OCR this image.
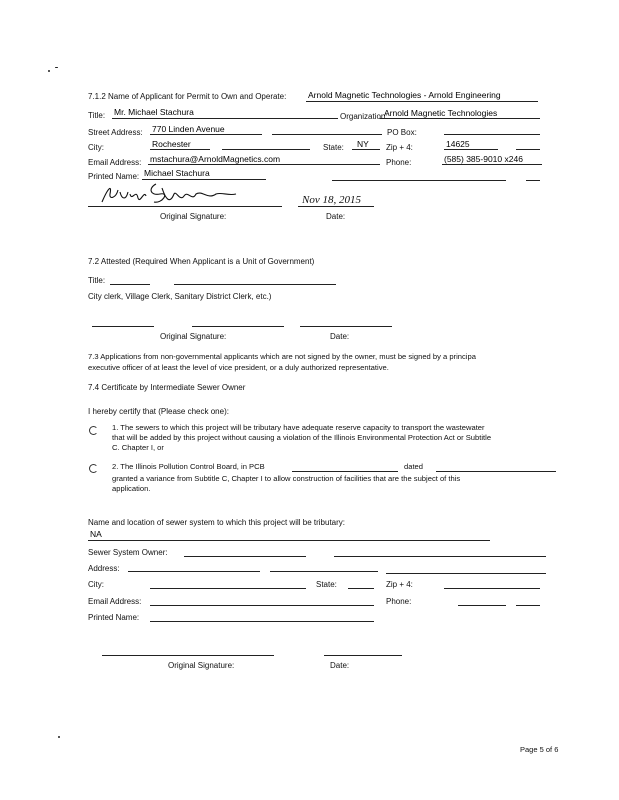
7.1.2 Name of Applicant for Permit to Own and Operate:	Arnold Magnetic Technologies - Arnold Engineering
Title: Mr. Michael Stachura	Organization:
Arnold Magnetic Technologies
Street Address: 770 Linden Avenue	PO Box:
City:	Rochester	State: NY Zip + 4:	14625
Email Address: mstachura@ArnoldMagnetics.com	Phone:	(585) 385-9010 x246
Printed Name: Michael Stachura
Nov 18, 2015
Original Signature:	Date:
7.2 Attested (Required When Applicant is a Unit of Government)
Title:
City clerk, Village Clerk, Sanitary District Clerk, etc.)
Original Signature:	Date:
7.3 Applications from non-governmental applicants which are not signed by the owner, must be signed by a principa
executive officer of at least the level of vice president, or a duly authorized representative.
7.4 Certificate by Intermediate Sewer Owner
I hereby certify that (Please check one):
1. The sewers to which this project will be tributary have adequate reserve capacity to transport the wastewater
that will be added by this project without causing a violation of the Illinois Environmental Protection Act or Subtitle
C. Chapter I, or
2. The Illinois Pollution Control Board, in PCB	dated
granted a variance from Subtitle C, Chapter I to allow construction of facilities that are the subject of this
application.
Name and location of sewer system to which this project will be tributary:
NA
Sewer System Owner:
Address:
City:	State:	Zip + 4:
Email Address:	Phone:
Printed Name:
Original Signature:	Date:
Page 5 of 6
